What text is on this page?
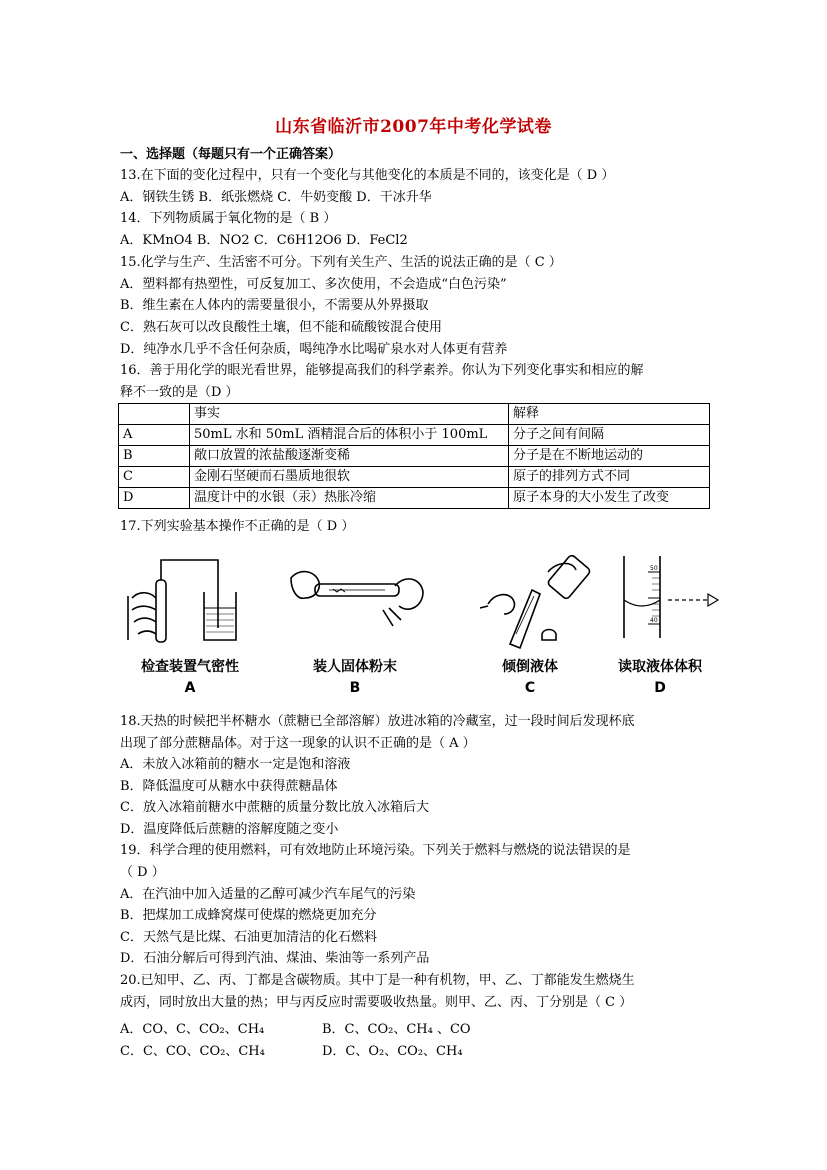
山东省临沂市2007年中考化学试卷
一、选择题（每题只有一个正确答案）
13.在下面的变化过程中，只有一个变化与其他变化的本质是不同的，该变化是（ D ）
A．钢铁生锈 B．纸张燃烧 C．牛奶变酸 D．干冰升华
14．下列物质属于氧化物的是（ B ）
A．KMnO4 B．NO2 C．C6H12O6 D．FeCl2
15.化学与生产、生活密不可分。下列有关生产、生活的说法正确的是（ C ）
A．塑料都有热塑性，可反复加工、多次使用，不会造成“白色污染”
B．维生素在人体内的需要量很小，不需要从外界摄取
C．熟石灰可以改良酸性土壤，但不能和硫酸铵混合使用
D．纯净水几乎不含任何杂质，喝纯净水比喝矿泉水对人体更有营养
16．善于用化学的眼光看世界，能够提高我们的科学素养。你认为下列变化事实和相应的解
释不一致的是（D ）
	事实	解释
A	50mL 水和 50mL 酒精混合后的体积小于 100mL	分子之间有间隔
B	敞口放置的浓盐酸逐渐变稀	分子是在不断地运动的
C	金刚石坚硬而石墨质地很软	原子的排列方式不同
D	温度计中的水银（汞）热胀冷缩	原子本身的大小发生了改变
17.下列实验基本操作不正确的是（ D ）
检查装置气密性
A
装人固体粉末
B
倾倒液体
C
50
40
读取液体体积
D
18.天热的时候把半杯糖水（蔗糖已全部溶解）放进冰箱的冷藏室，过一段时间后发现杯底
出现了部分蔗糖晶体。对于这一现象的认识不正确的是（ A ）
A．未放入冰箱前的糖水一定是饱和溶液
B．降低温度可从糖水中获得蔗糖晶体
C．放入冰箱前糖水中蔗糖的质量分数比放入冰箱后大
D．温度降低后蔗糖的溶解度随之变小
19．科学合理的使用燃料，可有效地防止环境污染。下列关于燃料与燃烧的说法错误的是
（ D ）
A．在汽油中加入适量的乙醇可减少汽车尾气的污染
B．把煤加工成蜂窝煤可使煤的燃烧更加充分
C．天然气是比煤、石油更加清洁的化石燃料
D．石油分解后可得到汽油、煤油、柴油等一系列产品
20.已知甲、乙、丙、丁都是含碳物质。其中丁是一种有机物，甲、乙、丁都能发生燃烧生
成丙，同时放出大量的热；甲与丙反应时需要吸收热量。则甲、乙、丙、丁分别是（ C ）
A．CO、C、CO₂、CH₄	B．C、CO₂、CH₄ 、CO
C．C、CO、CO₂、CH₄	D．C、O₂、CO₂、CH₄
